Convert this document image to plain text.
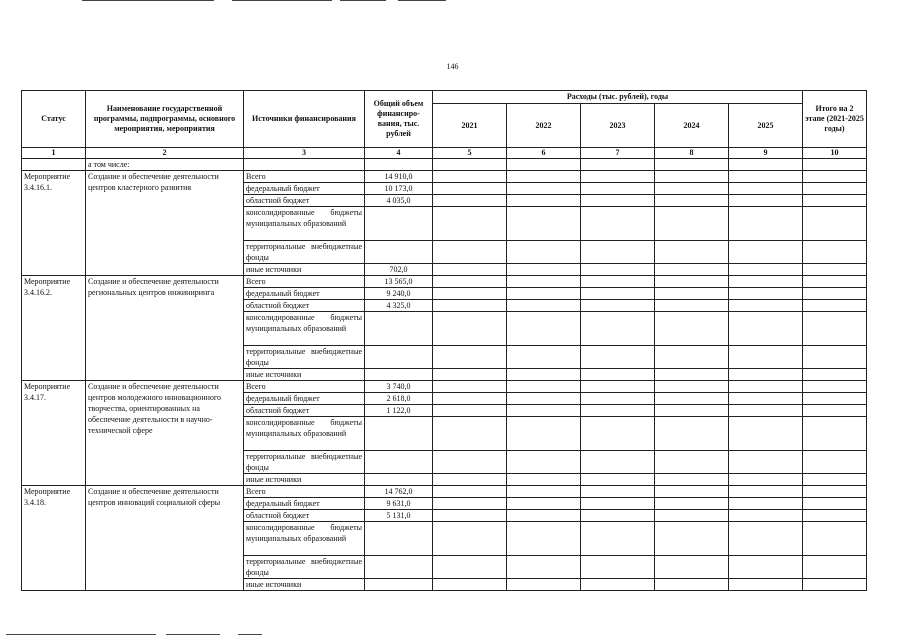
146
Статус	Наименование государственной программы, подпрограммы, основного мероприятия, мероприятия	Источники финансирования	Общий объем финансиро-вания, тыс. рублей	Расходы (тыс. рублей), годы					Итого на 2 этапе (2021-2025 годы)
				2021	2022	2023	2024	2025	
1	2	3	4	5	6	7	8	9	10
	а том числе:								
Мероприятие 3.4.16.1.	Создание и обеспечение деятельности центров кластерного развития	Всего	14 910,0						
		федеральный бюджет	10 173,0						
		областной бюджет	4 035,0						
		консолидированные бюджеты муниципальных образований							
		территориальные внебюджетные фонды							
		иные источники	702,0						
Мероприятие 3.4.16.2.	Создание и обеспечение деятельности региональных центров инжиниринга	Всего	13 565,0						
		федеральный бюджет	9 240,0						
		областной бюджет	4 325,0						
		консолидированные бюджеты муниципальных образований							
		территориальные внебюджетные фонды							
		иные источники							
Мероприятие 3.4.17.	Создание и обеспечение деятельности центров молодежного инновационного творчества, ориентированных на обеспечение деятельности в научно-технической сфере	Всего	3 740,0						
		федеральный бюджет	2 618,0						
		областной бюджет	1 122,0						
		консолидированные бюджеты муниципальных образований							
		территориальные внебюджетные фонды							
		иные источники							
Мероприятие 3.4.18.	Создание и обеспечение деятельности центров инноваций социальной сферы	Всего	14 762,0						
		федеральный бюджет	9 631,0						
		областной бюджет	5 131,0						
		консолидированные бюджеты муниципальных образований							
		территориальные внебюджетные фонды							
		иные источники							
